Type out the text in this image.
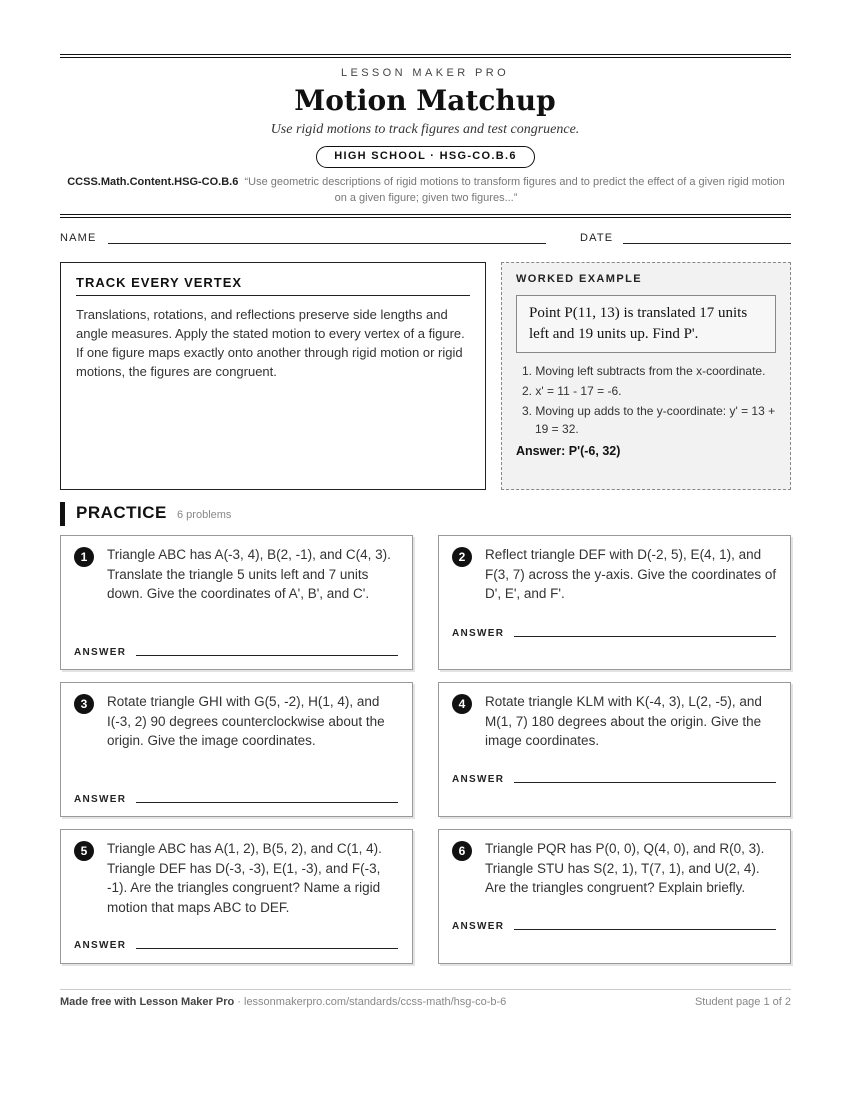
LESSON MAKER PRO
Motion Matchup
Use rigid motions to track figures and test congruence.
HIGH SCHOOL · HSG-CO.B.6
CCSS.Math.Content.HSG-CO.B.6 “Use geometric descriptions of rigid motions to transform figures and to predict the effect of a given rigid motion on a given figure; given two figures...”
NAME	DATE
TRACK EVERY VERTEX
Translations, rotations, and reflections preserve side lengths and angle measures. Apply the stated motion to every vertex of a figure. If one figure maps exactly onto another through rigid motion or rigid motions, the figures are congruent.
WORKED EXAMPLE
Point P(11, 13) is translated 17 units left and 19 units up. Find P'.
1. Moving left subtracts from the x-coordinate.
2. x' = 11 - 17 = -6.
3. Moving up adds to the y-coordinate: y' = 13 + 19 = 32.
Answer: P'(-6, 32)
PRACTICE 6 problems
1	Triangle ABC has A(-3, 4), B(2, -1), and C(4, 3). Translate the triangle 5 units left and 7 units down. Give the coordinates of A', B', and C'.
ANSWER
2	Reflect triangle DEF with D(-2, 5), E(4, 1), and F(3, 7) across the y-axis. Give the coordinates of D', E', and F'.
ANSWER
3	Rotate triangle GHI with G(5, -2), H(1, 4), and I(-3, 2) 90 degrees counterclockwise about the origin. Give the image coordinates.
ANSWER
4	Rotate triangle KLM with K(-4, 3), L(2, -5), and M(1, 7) 180 degrees about the origin. Give the image coordinates.
ANSWER
5	Triangle ABC has A(1, 2), B(5, 2), and C(1, 4). Triangle DEF has D(-3, -3), E(1, -3), and F(-3, -1). Are the triangles congruent? Name a rigid motion that maps ABC to DEF.
ANSWER
6	Triangle PQR has P(0, 0), Q(4, 0), and R(0, 3). Triangle STU has S(2, 1), T(7, 1), and U(2, 4). Are the triangles congruent? Explain briefly.
ANSWER
Made free with Lesson Maker Pro · lessonmakerpro.com/standards/ccss-math/hsg-co-b-6	Student page 1 of 2
